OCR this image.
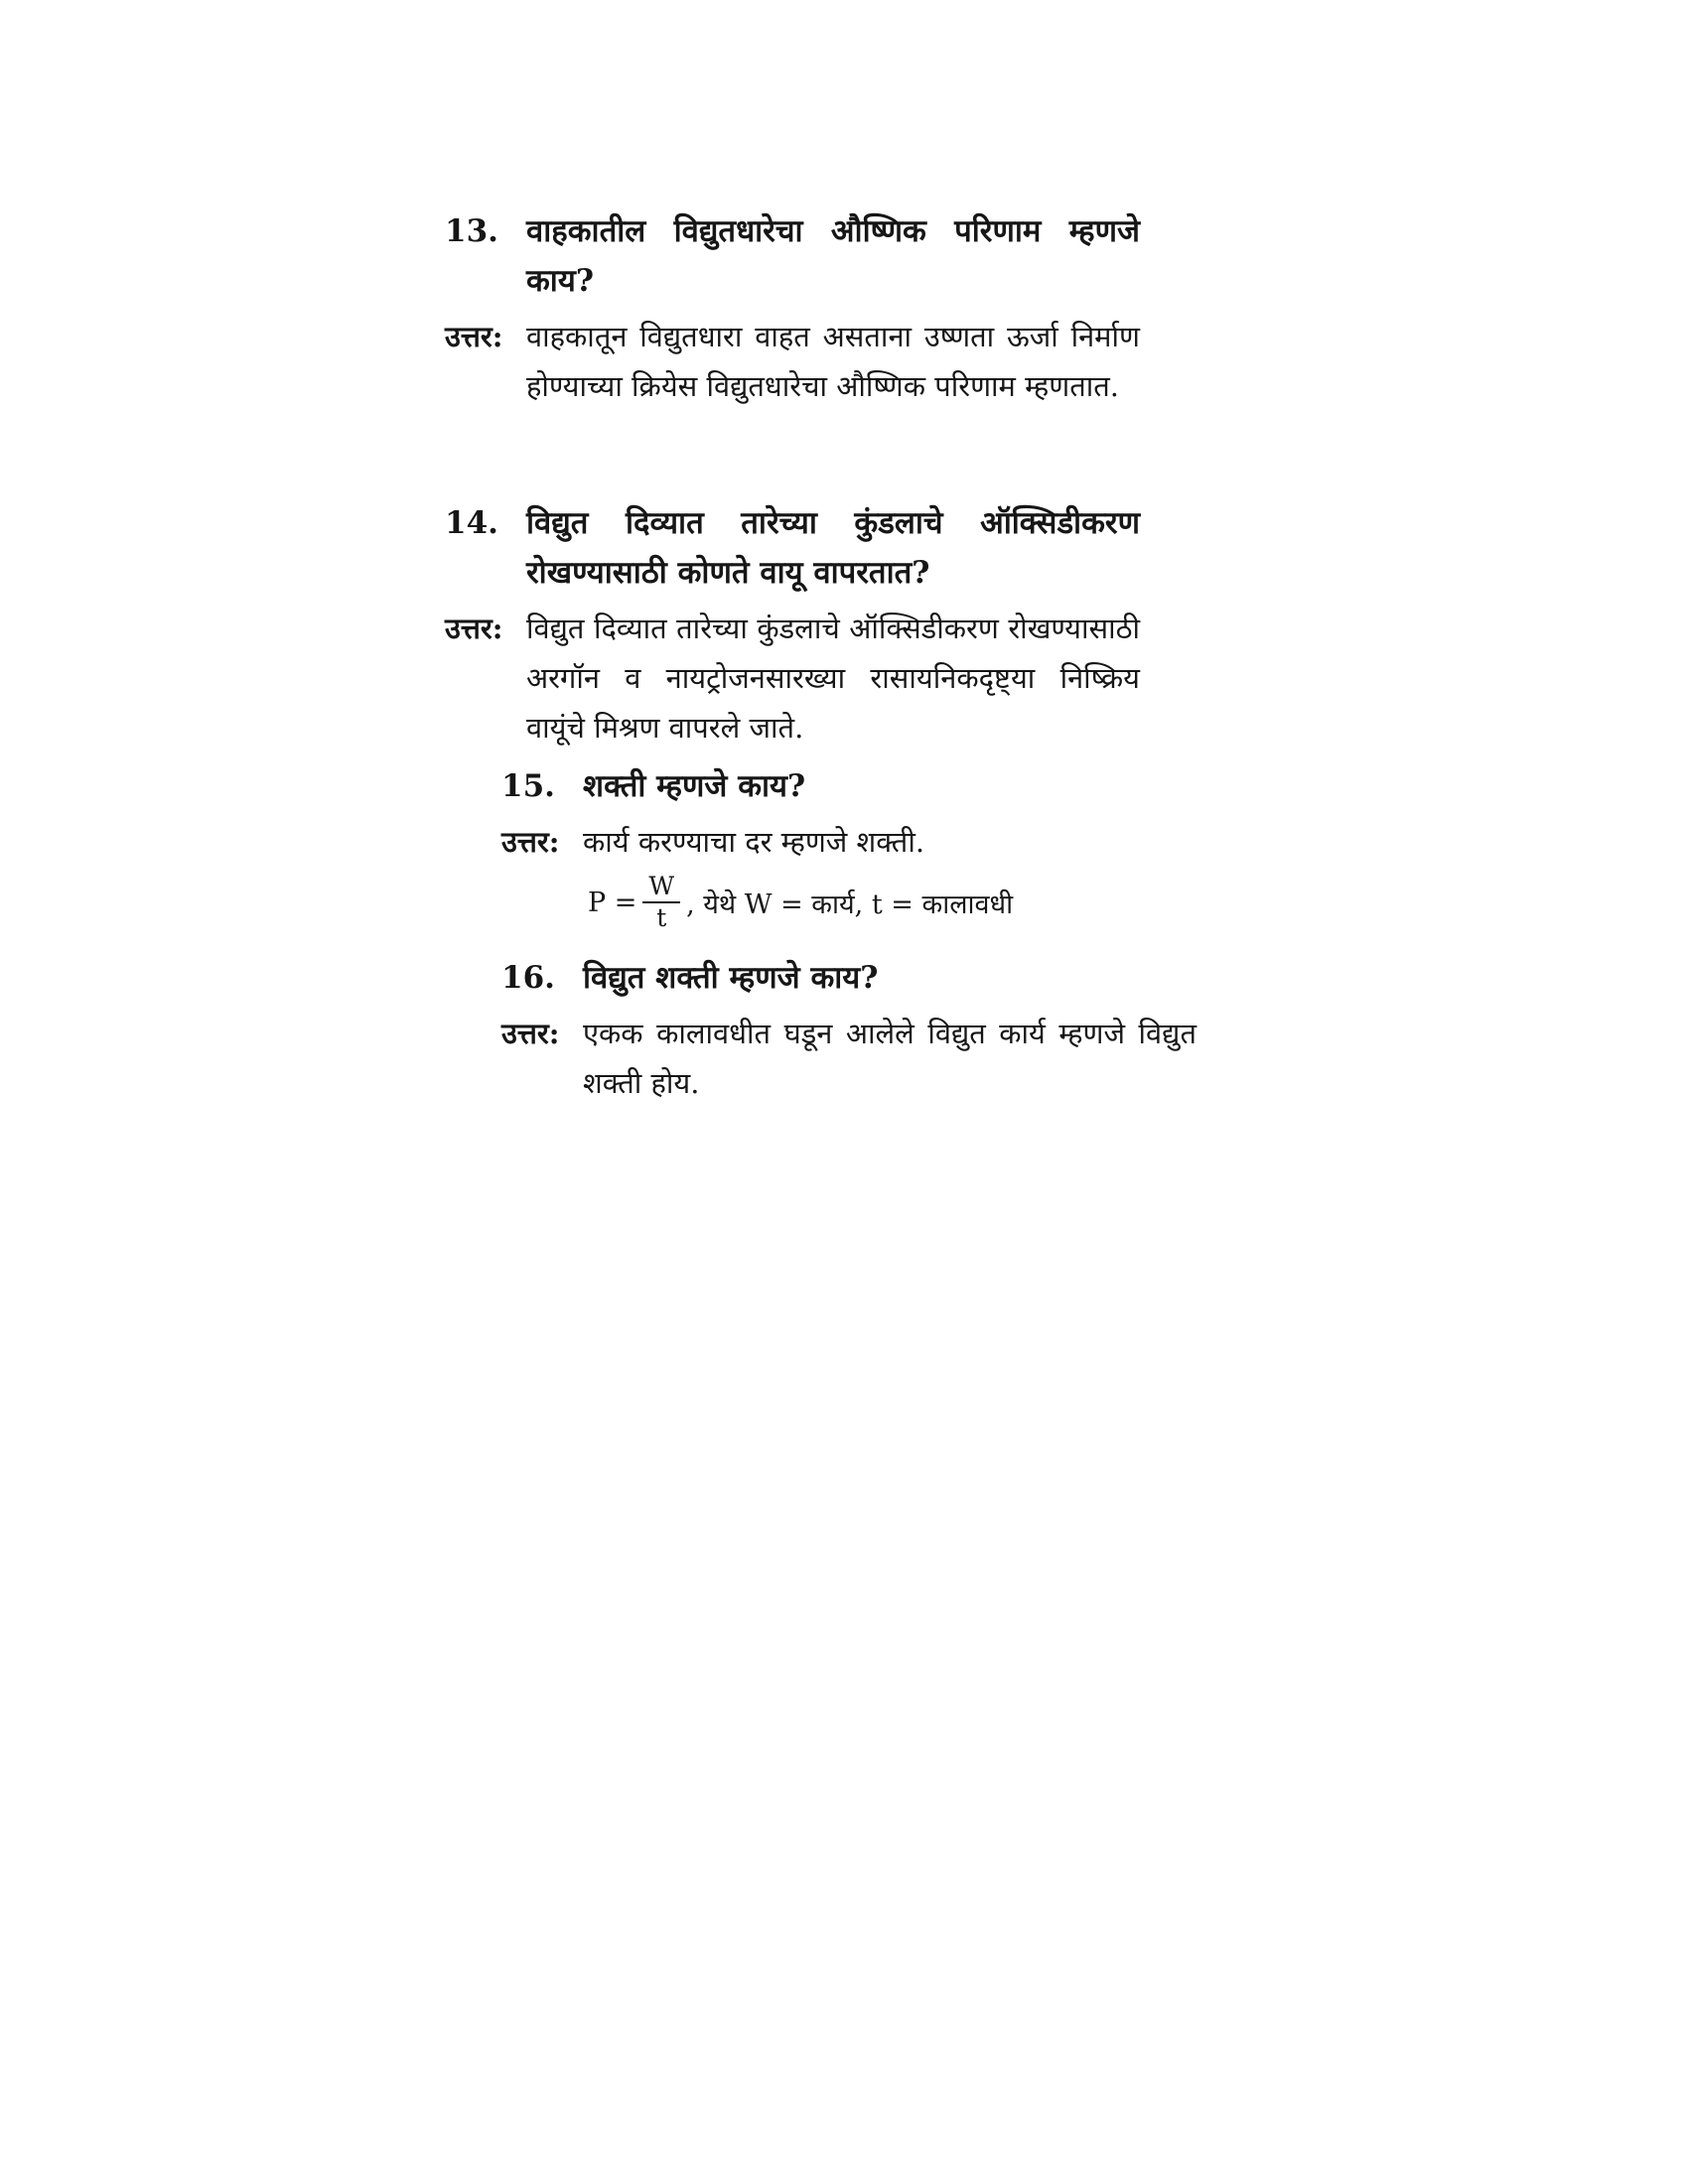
13. वाहकातील विद्युतधारेचा औष्णिक परिणाम म्हणजे काय?
उत्तर: वाहकातून विद्युतधारा वाहत असताना उष्णता ऊर्जा निर्माण होण्याच्या क्रियेस विद्युतधारेचा औष्णिक परिणाम म्हणतात.
14. विद्युत दिव्यात तारेच्या कुंडलाचे ऑक्सिडीकरण रोखण्यासाठी कोणते वायू वापरतात?
उत्तर: विद्युत दिव्यात तारेच्या कुंडलाचे ऑक्सिडीकरण रोखण्यासाठी अरगॉन व नायट्रोजनसारख्या रासायनिकदृष्ट्या निष्क्रिय वायूंचे मिश्रण वापरले जाते.
15. शक्ती म्हणजे काय?
उत्तर: कार्य करण्याचा दर म्हणजे शक्ती.
$P = \frac{W}{t}$ , येथे W = कार्य, t = कालावधी
16. विद्युत शक्ती म्हणजे काय?
उत्तर: एकक कालावधीत घडून आलेले विद्युत कार्य म्हणजे विद्युत शक्ती होय.
